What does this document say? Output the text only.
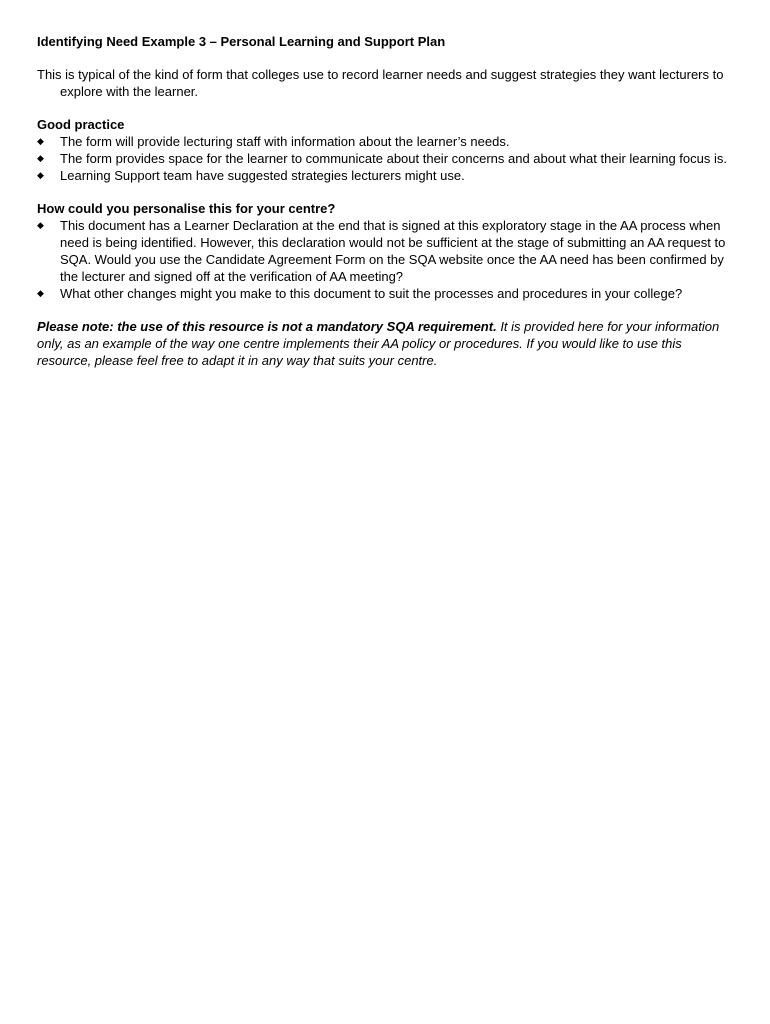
Identifying Need Example 3 – Personal Learning and Support Plan

This is typical of the kind of form that colleges use to record learner needs and suggest strategies they want lecturers to explore with the learner.

Good practice

◆ The form will provide lecturing staff with information about the learner’s needs.
◆ The form provides space for the learner to communicate about their concerns and about what their learning focus is.
◆ Learning Support team have suggested strategies lecturers might use.

How could you personalise this for your centre?

◆ This document has a Learner Declaration at the end that is signed at this exploratory stage in the AA process when need is being identified. However, this declaration would not be sufficient at the stage of submitting an AA request to SQA. Would you use the Candidate Agreement Form on the SQA website once the AA need has been confirmed by the lecturer and signed off at the verification of AA meeting?
◆ What other changes might you make to this document to suit the processes and procedures in your college?

Please note: the use of this resource is not a mandatory SQA requirement. It is provided here for your information only, as an example of the way one centre implements their AA policy or procedures. If you would like to use this resource, please feel free to adapt it in any way that suits your centre.
